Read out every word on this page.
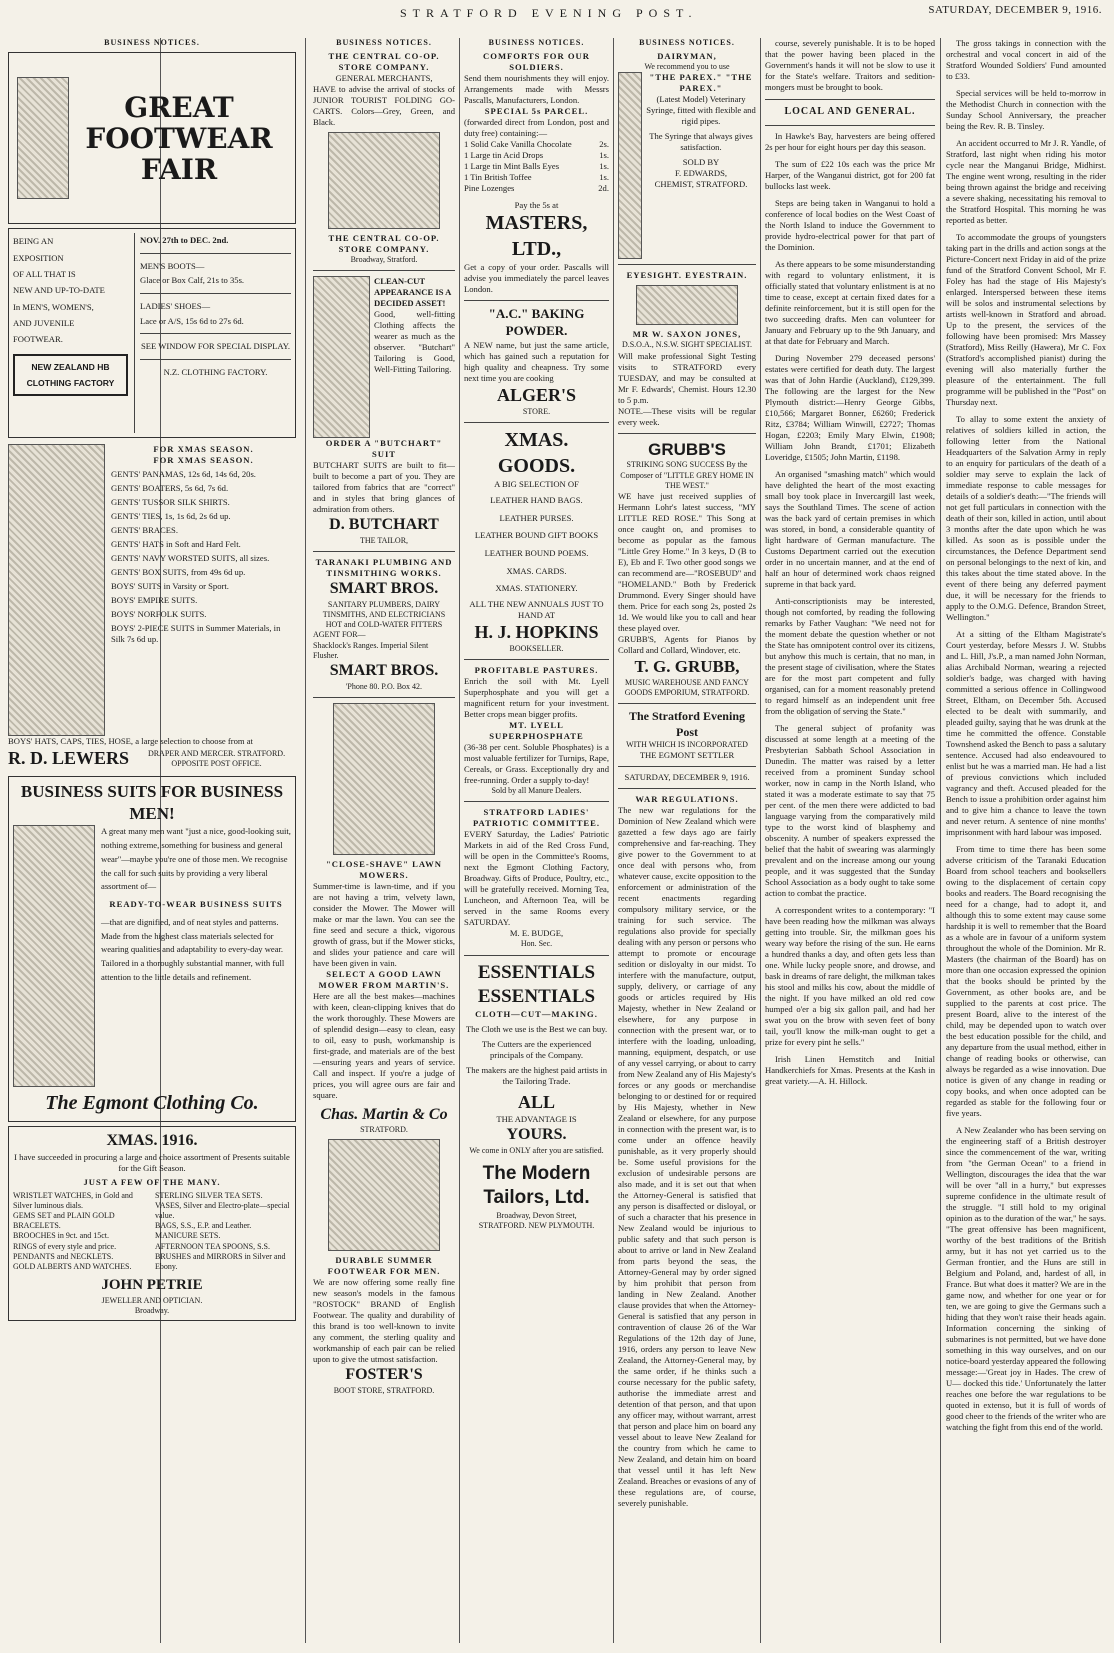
STRATFORD EVENING POST.	SATURDAY, DECEMBER 9, 1916.
BUSINESS NOTICES.
GREAT FOOTWEAR FAIR
BEING AN
EXPOSITION
OF ALL THAT IS
NEW AND UP-TO-DATE
In MEN'S, WOMEN'S,
AND JUVENILE
FOOTWEAR.
NEW ZEALAND HB CLOTHING FACTORY
NOV. 27th to DEC. 2nd.
MEN'S BOOTS—
Glace or Box Calf, 21s to 35s.
LADIES' SHOES—
Lace or A/S, 15s 6d to 27s 6d.
SEE WINDOW FOR SPECIAL DISPLAY.
N.Z. CLOTHING FACTORY.
FOR XMAS SEASON.
FOR XMAS SEASON.
GENTS' PANAMAS, 12s 6d, 14s 6d, 20s.
GENTS' BOATERS, 5s 6d, 7s 6d.
GENTS' TUSSOR SILK SHIRTS.
GENTS' TIES, 1s, 1s 6d, 2s 6d up.
GENTS' BRACES.
GENTS' HATS in Soft and Hard Felt.
GENTS' NAVY WORSTED SUITS, all sizes.
GENTS' BOX SUITS, from 49s 6d up.
BOYS' SUITS in Varsity or Sport.
BOYS' EMPIRE SUITS.
BOYS' NORFOLK SUITS.
BOYS' 2-PIECE SUITS in Summer Materials, in Silk 7s 6d up.
BOYS' HATS, CAPS, TIES, HOSE, a large selection to choose from at
R. D. LEWERS	DRAPER AND MERCER. STRATFORD. OPPOSITE POST OFFICE.
BUSINESS SUITS FOR BUSINESS MEN!
A great many men want "just a nice, good-looking suit, nothing extreme, something for business and general wear"—maybe you're one of those men. We recognise the call for such suits by providing a very liberal assortment of—
READY-TO-WEAR BUSINESS SUITS
—that are dignified, and of neat styles and patterns. Made from the highest class materials selected for wearing qualities and adaptability to every-day wear. Tailored in a thoroughly substantial manner, with full attention to the little details and refinement.
The Egmont Clothing Co.
XMAS. 1916.
I have succeeded in procuring a large and choice assortment of Presents suitable for the Gift Season.
JUST A FEW OF THE MANY.
WRISTLET WATCHES, in Gold and Silver luminous dials.
GEMS SET and PLAIN GOLD BRACELETS.
BROOCHES in 9ct. and 15ct.
RINGS of every style and price.
PENDANTS and NECKLETS.
GOLD ALBERTS AND WATCHES.
STERLING SILVER TEA SETS.
VASES, Silver and Electro-plate—special value.
BAGS, S.S., E.P. and Leather.
MANICURE SETS.
AFTERNOON TEA SPOONS, S.S.
BRUSHES and MIRRORS in Silver and Ebony.
JOHN PETRIE
JEWELLER AND OPTICIAN.
Broadway.
BUSINESS NOTICES.
THE CENTRAL CO-OP. STORE COMPANY.
GENERAL MERCHANTS,
HAVE to advise the arrival of stocks of JUNIOR TOURIST FOLDING GO-CARTS. Colors—Grey, Green, and Black.
THE CENTRAL CO-OP. STORE COMPANY.
Broadway, Stratford.
CLEAN-CUT APPEARANCE IS A DECIDED ASSET!
Good, well-fitting Clothing affects the wearer as much as the observer. "Butchart" Tailoring is Good, Well-Fitting Tailoring.
ORDER A "BUTCHART" SUIT
BUTCHART SUITS are built to fit—built to become a part of you. They are tailored from fabrics that are "correct" and in styles that bring glances of admiration from others.
D. BUTCHART
THE TAILOR,
TARANAKI PLUMBING AND TINSMITHING WORKS.
SMART BROS.
SANITARY PLUMBERS, DAIRY TINSMITHS, AND ELECTRICIANS
HOT and COLD-WATER FITTERS
AGENT FOR—
Shacklock's Ranges. Imperial Silent Flusher.
SMART BROS.
'Phone 80. P.O. Box 42.
"CLOSE-SHAVE" LAWN MOWERS.
Summer-time is lawn-time, and if you are not having a trim, velvety lawn, consider the Mower. The Mower will make or mar the lawn. You can see the fine seed and secure a thick, vigorous growth of grass, but if the Mower sticks, and slides your patience and care will have been given in vain.
SELECT A GOOD LAWN MOWER FROM MARTIN'S.
Here are all the best makes—machines with keen, clean-clipping knives that do the work thoroughly. These Mowers are of splendid design—easy to clean, easy to oil, easy to push, workmanship is first-grade, and materials are of the best—ensuring years and years of service. Call and inspect. If you're a judge of prices, you will agree ours are fair and square.
Chas. Martin & Co
STRATFORD.
DURABLE SUMMER FOOTWEAR FOR MEN.
We are now offering some really fine new season's models in the famous "ROSTOCK" BRAND of English Footwear. The quality and durability of this brand is too well-known to invite any comment, the sterling quality and workmanship of each pair can be relied upon to give the utmost satisfaction.
FOSTER'S
BOOT STORE, STRATFORD.
BUSINESS NOTICES.
COMFORTS FOR OUR SOLDIERS.
Send them nourishments they will enjoy. Arrangements made with Messrs Pascalls, Manufacturers, London.
SPECIAL 5s PARCEL.
(forwarded direct from London, post and duty free) containing:—
1 Solid Cake Vanilla Chocolate	2s.
1 Large tin Acid Drops	1s.
1 Large tin Mint Balls Eyes	1s.
1 Tin British Toffee	1s.
Pine Lozenges	2d.
Pay the 5s at
MASTERS, LTD.,
Get a copy of your order. Pascalls will advise you immediately the parcel leaves London.
"A.C." BAKING POWDER.
A NEW name, but just the same article, which has gained such a reputation for high quality and cheapness. Try some next time you are cooking
ALGER'S
STORE.
XMAS. GOODS.
A BIG SELECTION OF
LEATHER HAND BAGS.
LEATHER PURSES.
LEATHER BOUND GIFT BOOKS
LEATHER BOUND POEMS.
XMAS. CARDS.
XMAS. STATIONERY.
ALL THE NEW ANNUALS JUST TO HAND AT
H. J. HOPKINS
BOOKSELLER.
PROFITABLE PASTURES.
Enrich the soil with Mt. Lyell Superphosphate and you will get a magnificent return for your investment. Better crops mean bigger profits.
MT. LYELL SUPERPHOSPHATE
(36-38 per cent. Soluble Phosphates) is a most valuable fertilizer for Turnips, Rape, Cereals, or Grass. Exceptionally dry and free-running. Order a supply to-day!
Sold by all Manure Dealers.
STRATFORD LADIES' PATRIOTIC COMMITTEE.
EVERY Saturday, the Ladies' Patriotic Markets in aid of the Red Cross Fund, will be open in the Committee's Rooms, next the Egmont Clothing Factory, Broadway. Gifts of Produce, Poultry, etc., will be gratefully received. Morning Tea, Luncheon, and Afternoon Tea, will be served in the same Rooms every SATURDAY.
M. E. BUDGE,
Hon. Sec.
ESSENTIALS
ESSENTIALS
CLOTH—CUT—MAKING.
The Cloth we use is the Best we can buy.
The Cutters are the experienced principals of the Company.
The makers are the highest paid artists in the Tailoring Trade.
ALL
THE ADVANTAGE IS
YOURS.
We come in ONLY after you are satisfied.
The Modern Tailors, Ltd.
Broadway, Devon Street,
STRATFORD. NEW PLYMOUTH.
BUSINESS NOTICES.
DAIRYMAN,
We recommend you to use
"THE PAREX." "THE PAREX."
(Latest Model) Veterinary Syringe, fitted with flexible and rigid pipes.
The Syringe that always gives satisfaction.
SOLD BY
F. EDWARDS,
CHEMIST, STRATFORD.
EYESIGHT. EYESTRAIN.
MR W. SAXON JONES,
D.S.O.A., N.S.W. SIGHT SPECIALIST.
Will make professional Sight Testing visits to STRATFORD every TUESDAY, and may be consulted at Mr F. Edwards', Chemist. Hours 12.30 to 5 p.m.
NOTE.—These visits will be regular every week.
GRUBB'S
STRIKING SONG SUCCESS By the Composer of "LITTLE GREY HOME IN THE WEST."
WE have just received supplies of Hermann Lohr's latest success, "MY LITTLE RED ROSE." This Song at once caught on, and promises to become as popular as the famous "Little Grey Home." In 3 keys, D (B to E), Eb and F. Two other good songs we can recommend are—"ROSEBUD" and "HOMELAND." Both by Frederick Drummond. Every Singer should have them. Price for each song 2s, posted 2s 1d. We would like you to call and hear these played over.
GRUBB'S, Agents for Pianos by Collard and Collard, Windover, etc.
T. G. GRUBB,
MUSIC WAREHOUSE AND FANCY GOODS EMPORIUM, STRATFORD.
The Stratford Evening Post
WITH WHICH IS INCORPORATED
THE EGMONT SETTLER
SATURDAY, DECEMBER 9, 1916.
WAR REGULATIONS.
The new war regulations for the Dominion of New Zealand which were gazetted a few days ago are fairly comprehensive and far-reaching. They give power to the Government to at once deal with persons who, from whatever cause, excite opposition to the enforcement or administration of the recent enactments regarding compulsory military service, or the training for such service. The regulations also provide for specially dealing with any person or persons who attempt to promote or encourage sedition or disloyalty in our midst. To interfere with the manufacture, output, supply, delivery, or carriage of any goods or articles required by His Majesty, whether in New Zealand or elsewhere, for any purpose in connection with the present war, or to interfere with the loading, unloading, manning, equipment, despatch, or use of any vessel carrying, or about to carry from New Zealand any of His Majesty's forces or any goods or merchandise belonging to or destined for or required by His Majesty, whether in New Zealand or elsewhere, for any purpose in connection with the present war, is to come under an offence heavily punishable, as it very properly should be. Some useful provisions for the exclusion of undesirable persons are also made, and it is set out that when the Attorney-General is satisfied that any person is disaffected or disloyal, or of such a character that his presence in New Zealand would be injurious to public safety and that such person is about to arrive or land in New Zealand from parts beyond the seas, the Attorney-General may by order signed by him prohibit that person from landing in New Zealand. Another clause provides that when the Attorney-General is satisfied that any person in contravention of clause 26 of the War Regulations of the 12th day of June, 1916, orders any person to leave New Zealand, the Attorney-General may, by the same order, if he thinks such a course necessary for the public safety, authorise the immediate arrest and detention of that person, and that upon any officer may, without warrant, arrest that person and place him on board any vessel about to leave New Zealand for the country from which he came to New Zealand, and detain him on board that vessel until it has left New Zealand. Breaches or evasions of any of these regulations are, of course, severely punishable.

course, severely punishable. It is to be hoped that the power having been placed in the Government's hands it will not be slow to use it for the State's welfare. Traitors and sedition-mongers must be brought to book.

LOCAL AND GENERAL.

In Hawke's Bay, harvesters are being offered 2s per hour for eight hours per day this season.

The sum of £22 10s each was the price Mr Harper, of the Wanganui district, got for 200 fat bullocks last week.

Steps are being taken in Wanganui to hold a conference of local bodies on the West Coast of the North Island to induce the Government to provide hydro-electrical power for that part of the Dominion.

As there appears to be some misunderstanding with regard to voluntary enlistment, it is officially stated that voluntary enlistment is at no time to cease, except at certain fixed dates for a definite reinforcement, but it is still open for the two succeeding drafts. Men can volunteer for January and February up to the 9th January, and at that date for February and March.

During November 279 deceased persons' estates were certified for death duty. The largest was that of John Hardie (Auckland), £129,399. The following are the largest for the New Plymouth district:—Henry George Gibbs, £10,566; Margaret Bonner, £6260; Frederick Ritz, £3784; William Winwill, £2727; Thomas Hogan, £2203; Emily Mary Elwin, £1908; William John Brandt, £1701; Elizabeth Loveridge, £1505; John Martin, £1198.

An organised "smashing match" which would have delighted the heart of the most exacting small boy took place in Invercargill last week, says the Southland Times. The scene of action was the back yard of certain premises in which was stored, in bond, a considerable quantity of light hardware of German manufacture. The Customs Department carried out the execution order in no uncertain manner, and at the end of half an hour of determined work chaos reigned supreme in that back yard.

Anti-conscriptionists may be interested, though not comforted, by reading the following remarks by Father Vaughan: "We need not for the moment debate the question whether or not the State has omnipotent control over its citizens, but anyhow this much is certain, that no man, in the present stage of civilisation, where the States are for the most part competent and fully organised, can for a moment reasonably pretend to regard himself as an independent unit free from the obligation of serving the State."

The general subject of profanity was discussed at some length at a meeting of the Presbyterian Sabbath School Association in Dunedin. The matter was raised by a letter received from a prominent Sunday school worker, now in camp in the North Island, who stated it was a moderate estimate to say that 75 per cent. of the men there were addicted to bad language varying from the comparatively mild type to the worst kind of blasphemy and obscenity. A number of speakers expressed the belief that the habit of swearing was alarmingly prevalent and on the increase among our young people, and it was suggested that the Sunday School Association as a body ought to take some action to combat the practice.

A correspondent writes to a contemporary: "I have been reading how the milkman was always getting into trouble. Sir, the milkman goes his weary way before the rising of the sun. He earns a hundred thanks a day, and often gets less than one. While lucky people snore, and drowse, and bask in dreams of rare delight, the milkman takes his stool and milks his cow, about the middle of the night. If you have milked an old red cow humped o'er a big six gallon pail, and had her swat you on the brow with seven feet of bony tail, you'll know the milk-man ought to get a prize for every pint he sells."

Irish Linen Hemstitch and Initial Handkerchiefs for Xmas. Presents at the Kash in great variety.—A. H. Hillock.

The gross takings in connection with the orchestral and vocal concert in aid of the Stratford Wounded Soldiers' Fund amounted to £33.

Special services will be held to-morrow in the Methodist Church in connection with the Sunday School Anniversary, the preacher being the Rev. R. B. Tinsley.

An accident occurred to Mr J. R. Yandle, of Stratford, last night when riding his motor cycle near the Manganui Bridge, Midhirst. The engine went wrong, resulting in the rider being thrown against the bridge and receiving a severe shaking, necessitating his removal to the Stratford Hospital. This morning he was reported as better.

To accommodate the groups of youngsters taking part in the drills and action songs at the Picture-Concert next Friday in aid of the prize fund of the Stratford Convent School, Mr F. Foley has had the stage of His Majesty's enlarged. Interspersed between these items will be solos and instrumental selections by artists well-known in Stratford and abroad. Up to the present, the services of the following have been promised: Mrs Massey (Stratford), Miss Reilly (Hawera), Mr C. Fox (Stratford's accomplished pianist) during the evening will also materially further the pleasure of the entertainment. The full programme will be published in the "Post" on Thursday next.

To allay to some extent the anxiety of relatives of soldiers killed in action, the following letter from the National Headquarters of the Salvation Army in reply to an enquiry for particulars of the death of a soldier may serve to explain the lack of immediate response to cable messages for details of a soldier's death:—"The friends will not get full particulars in connection with the death of their son, killed in action, until about 3 months after the date upon which he was killed. As soon as is possible under the circumstances, the Defence Department send on personal belongings to the next of kin, and this takes about the time stated above. In the event of there being any deferred payment due, it will be necessary for the friends to apply to the O.M.G. Defence, Brandon Street, Wellington."

At a sitting of the Eltham Magistrate's Court yesterday, before Messrs J. W. Stubbs and L. Hill, J's.P., a man named John Norman, alias Archibald Norman, wearing a rejected soldier's badge, was charged with having committed a serious offence in Collingwood Street, Eltham, on December 5th. Accused elected to be dealt with summarily, and pleaded guilty, saying that he was drunk at the time he committed the offence. Constable Townshend asked the Bench to pass a salutary sentence. Accused had also endeavoured to enlist but he was a married man. He had a list of previous convictions which included vagrancy and theft. Accused pleaded for the Bench to issue a prohibition order against him and to give him a chance to leave the town and never return. A sentence of nine months' imprisonment with hard labour was imposed.

From time to time there has been some adverse criticism of the Taranaki Education Board from school teachers and booksellers owing to the displacement of certain copy books and readers. The Board recognising the need for a change, had to adopt it, and although this to some extent may cause some hardship it is well to remember that the Board as a whole are in favour of a uniform system throughout the whole of the Dominion. Mr R. Masters (the chairman of the Board) has on more than one occasion expressed the opinion that the books should be printed by the Government, as other books are, and be supplied to the parents at cost price. The present Board, alive to the interest of the child, may be depended upon to watch over the best education possible for the child, and any departure from the usual method, either in change of reading books or otherwise, can always be regarded as a wise innovation. Due notice is given of any change in reading or copy books, and when once adopted can be regarded as stable for the following four or five years.

A New Zealander who has been serving on the engineering staff of a British destroyer since the commencement of the war, writing from "the German Ocean" to a friend in Wellington, discourages the idea that the war will be over "all in a hurry," but expresses supreme confidence in the ultimate result of the struggle. "I still hold to my original opinion as to the duration of the war," he says. "The great offensive has been magnificent, worthy of the best traditions of the British army, but it has not yet carried us to the German frontier, and the Huns are still in Belgium and Poland, and, hardest of all, in France. But what does it matter? We are in the game now, and whether for one year or for ten, we are going to give the Germans such a hiding that they won't raise their heads again. Information concerning the sinking of submarines is not permitted, but we have done something in this way ourselves, and on our notice-board yesterday appeared the following message:—'Great joy in Hades. The crew of U— docked this tide.' Unfortunately the latter reaches one before the war regulations to be quoted in extenso, but it is full of words of good cheer to the friends of the writer who are watching the fight from this end of the world.
